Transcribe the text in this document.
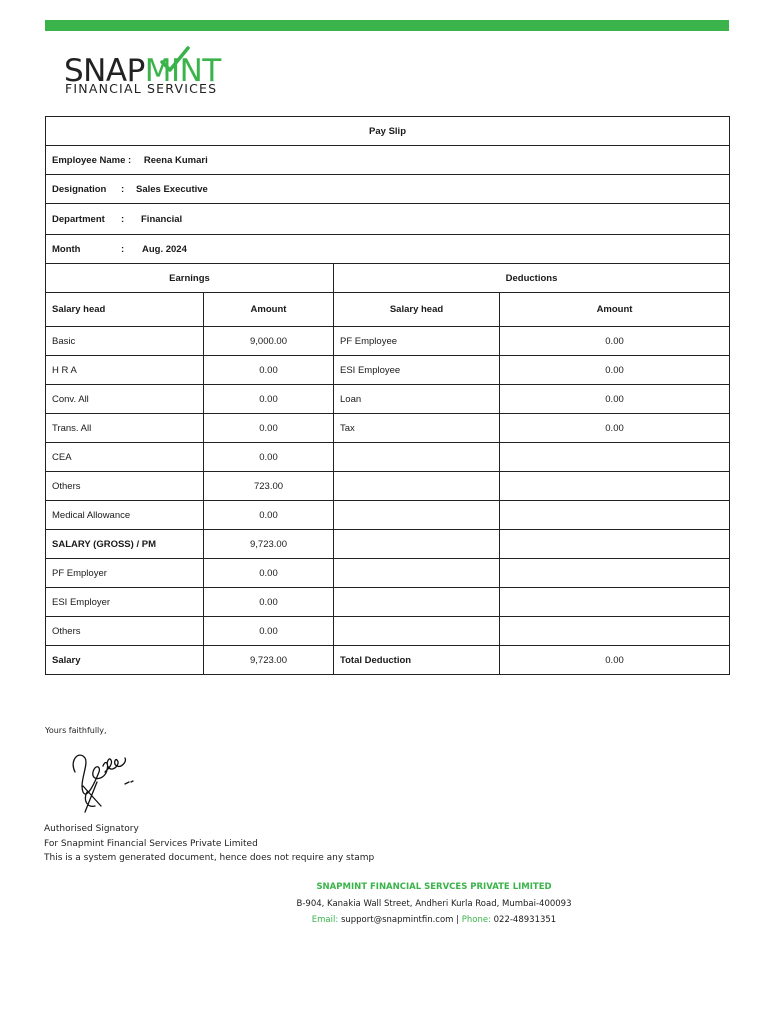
SNAPMINT
FINANCIAL SERVICES
Pay Slip			
Employee Name : Reena Kumari			
Designation : Sales Executive			
Department : Financial			
Month : Aug. 2024			
Earnings		Deductions	
Salary head	Amount	Salary head	Amount
Basic	9,000.00	PF Employee	0.00
H R A	0.00	ESI Employee	0.00
Conv. All	0.00	Loan	0.00
Trans. All	0.00	Tax	0.00
CEA	0.00		
Others	723.00		
Medical Allowance	0.00		
SALARY (GROSS) / PM	9,723.00		
PF Employer	0.00		
ESI Employer	0.00		
Others	0.00		
Salary	9,723.00	Total Deduction	0.00
Yours faithfully,
Authorised Signatory
For Snapmint Financial Services Private Limited
This is a system generated document, hence does not require any stamp
SNAPMINT FINANCIAL SERVCES PRIVATE LIMITED
B-904, Kanakia Wall Street, Andheri Kurla Road, Mumbai-400093
Email: support@snapmintfin.com | Phone: 022-48931351
